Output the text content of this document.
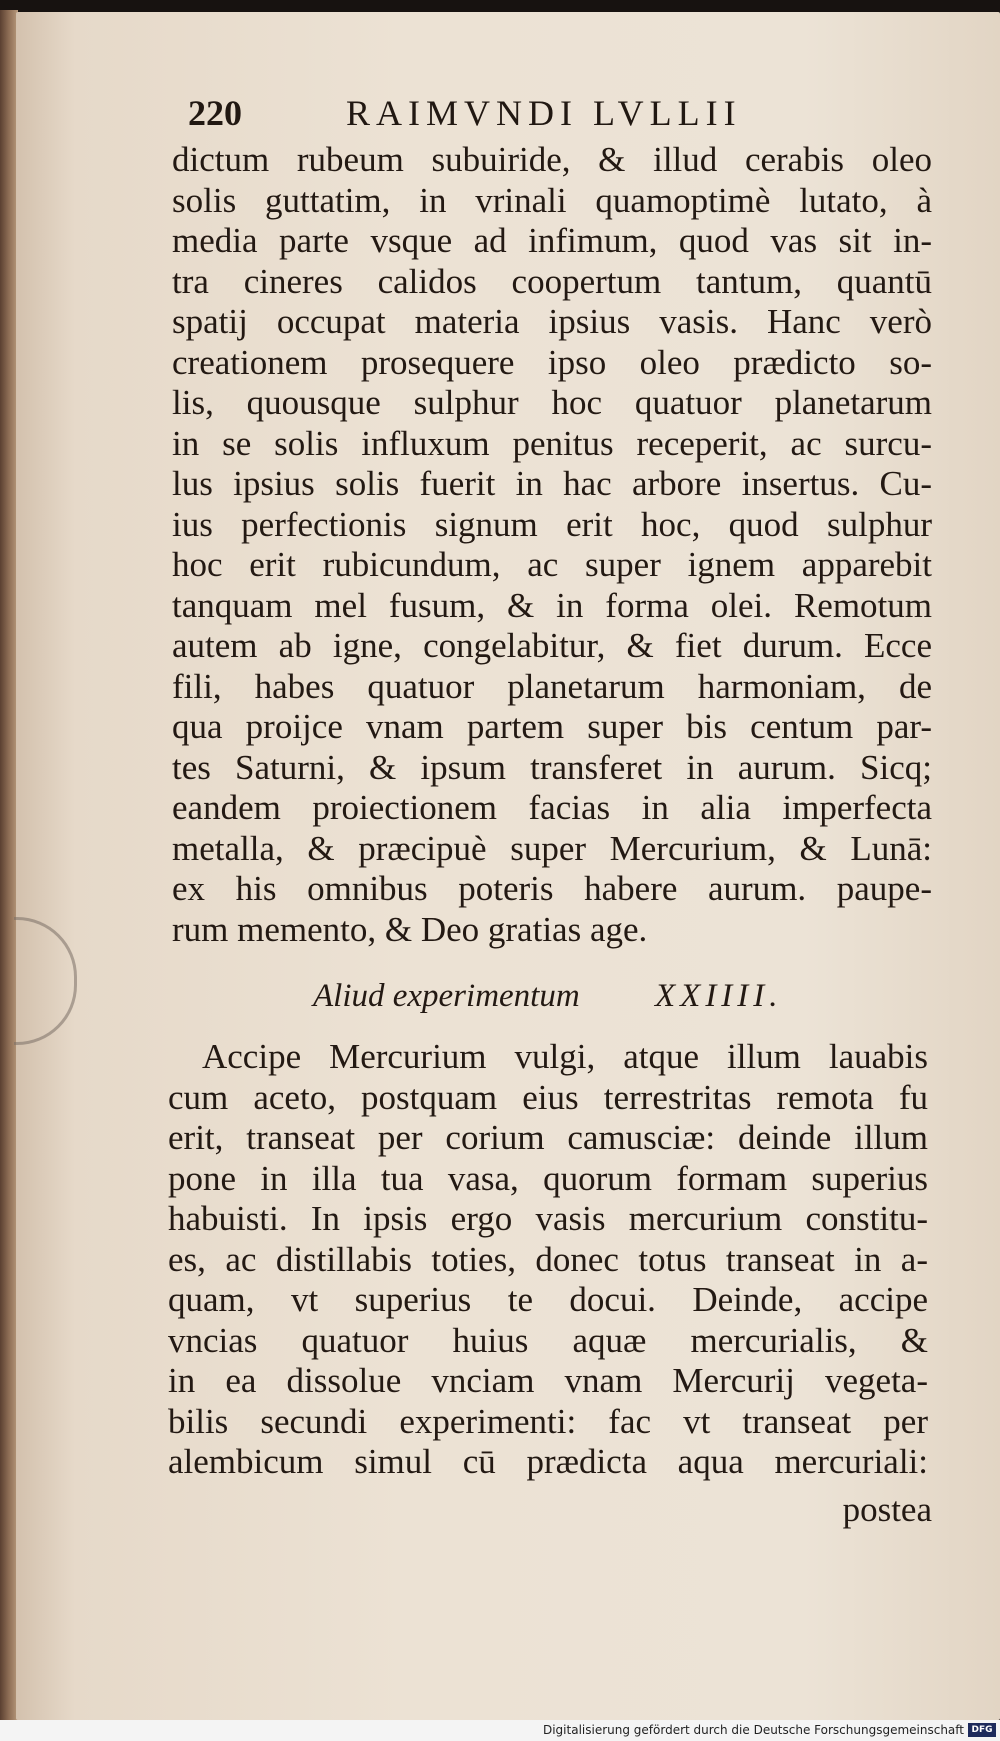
220	RAIMVNDI LVLLII
dictum rubeum subuiride, & illud cerabis oleo
solis guttatim, in vrinali quamoptimè lutato, à
media parte vsque ad infimum, quod vas sit in-
tra cineres calidos coopertum tantum, quantū
spatij occupat materia ipsius vasis. Hanc verò
creationem prosequere ipso oleo prædicto so-
lis, quousque sulphur hoc quatuor planetarum
in se solis influxum penitus receperit, ac surcu-
lus ipsius solis fuerit in hac arbore insertus. Cu-
ius perfectionis signum erit hoc, quod sulphur
hoc erit rubicundum, ac super ignem apparebit
tanquam mel fusum, & in forma olei. Remotum
autem ab igne, congelabitur, & fiet durum. Ecce
fili, habes quatuor planetarum harmoniam, de
qua proijce vnam partem super bis centum par-
tes Saturni, & ipsum transferet in aurum. Sicq;
eandem proiectionem facias in alia imperfecta
metalla, & præcipuè super Mercurium, & Lunā:
ex his omnibus poteris habere aurum. paupe-
rum memento, & Deo gratias age.
Aliud experimentum XXIIII.
Accipe Mercurium vulgi, atque illum lauabis
cum aceto, postquam eius terrestritas remota fu
erit, transeat per corium camusciæ: deinde illum
pone in illa tua vasa, quorum formam superius
habuisti. In ipsis ergo vasis mercurium constitu-
es, ac distillabis toties, donec totus transeat in a-
quam, vt superius te docui. Deinde, accipe
vncias quatuor huius aquæ mercurialis, &
in ea dissolue vnciam vnam Mercurij vegeta-
bilis secundi experimenti: fac vt transeat per
alembicum simul cū prædicta aqua mercuriali:
postea
Digitalisierung gefördert durch die Deutsche Forschungsgemeinschaft DFG
